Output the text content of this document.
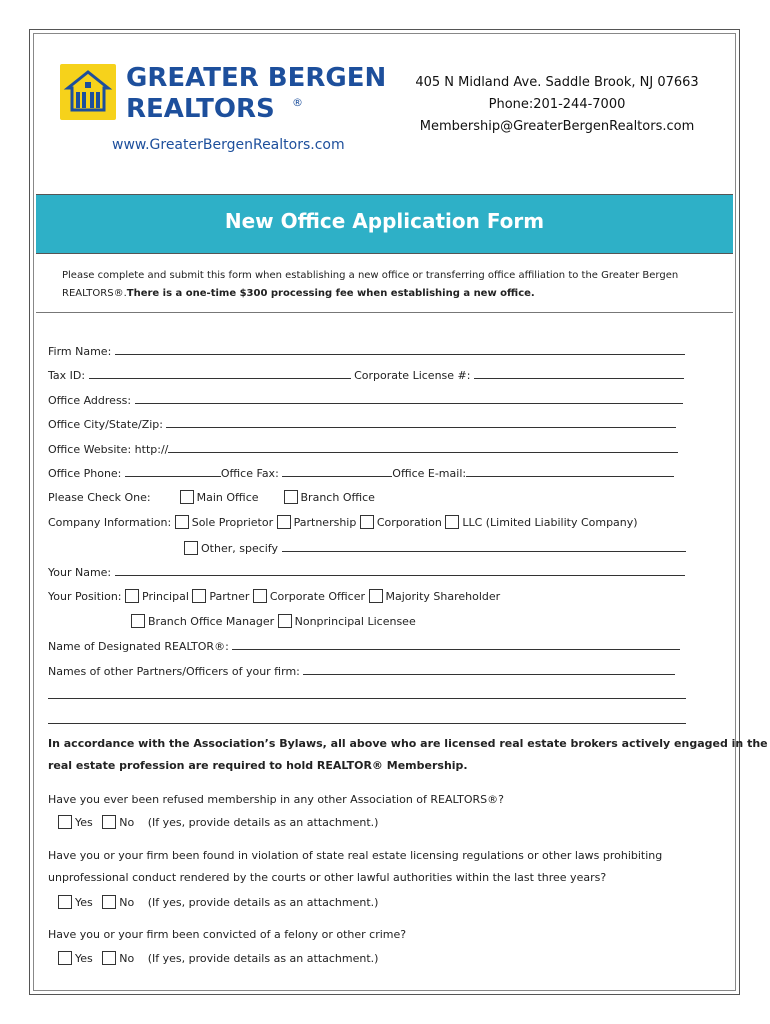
GREATER BERGEN
REALTORS ®
www.GreaterBergenRealtors.com
405 N Midland Ave. Saddle Brook, NJ 07663
Phone:201-244-7000
Membership@GreaterBergenRealtors.com
New Office Application Form
Please complete and submit this form when establishing a new office or transferring office affiliation to the Greater Bergen REALTORS®.There is a one-time $300 processing fee when establishing a new office.
Firm Name:
Tax ID:	Corporate License #:
Office Address:
Office City/State/Zip:
Office Website: http://
Office Phone:	Office Fax:	Office E-mail:
Please Check One:	Main Office	Branch Office
Company Information: Sole Proprietor Partnership Corporation LLC (Limited Liability Company)
Other, specify
Your Name:
Your Position: Principal Partner Corporate Officer Majority Shareholder
Branch Office Manager Nonprincipal Licensee
Name of Designated REALTOR®:
Names of other Partners/Officers of your firm:
In accordance with the Association’s Bylaws, all above who are licensed real estate brokers actively engaged in the
real estate profession are required to hold REALTOR® Membership.
Have you ever been refused membership in any other Association of REALTORS®?
Yes No (If yes, provide details as an attachment.)
Have you or your firm been found in violation of state real estate licensing regulations or other laws prohibiting
unprofessional conduct rendered by the courts or other lawful authorities within the last three years?
Yes No (If yes, provide details as an attachment.)
Have you or your firm been convicted of a felony or other crime?
Yes No (If yes, provide details as an attachment.)
